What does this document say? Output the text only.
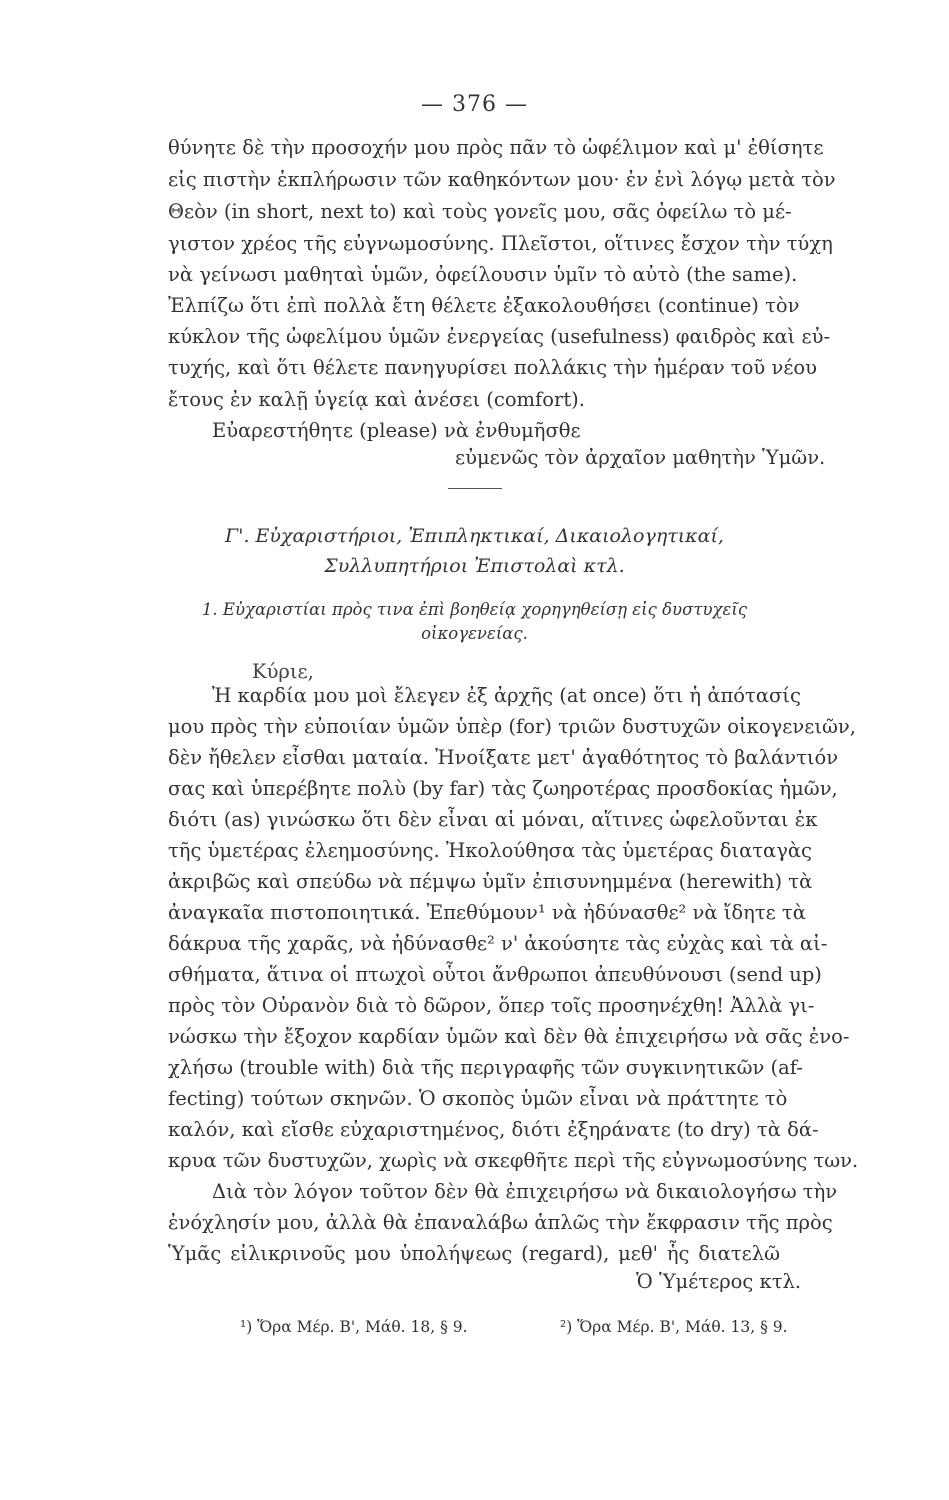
— 376 —

θύνητε δὲ τὴν προσοχήν μου πρὸς πᾶν τὸ ὠφέλιμον καὶ μ' ἐθίσητε

εἰς πιστὴν ἐκπλήρωσιν τῶν καθηκόντων μου· ἐν ἑνὶ λόγῳ μετὰ τὸν

Θεὸν (in short, next to) καὶ τοὺς γονεῖς μου, σᾶς ὀφείλω τὸ μέ-

γιστον χρέος τῆς εὐγνωμοσύνης. Πλεῖστοι, οἵτινες ἔσχον τὴν τύχη

νὰ γείνωσι μαθηταὶ ὑμῶν, ὀφείλουσιν ὑμῖν τὸ αὐτὸ (the same).

Ἐλπίζω ὅτι ἐπὶ πολλὰ ἔτη θέλετε ἐξακολουθήσει (continue) τὸν

κύκλον τῆς ὠφελίμου ὑμῶν ἐνεργείας (usefulness) φαιδρὸς καὶ εὐ-

τυχής, καὶ ὅτι θέλετε πανηγυρίσει πολλάκις τὴν ἡμέραν τοῦ νέου

ἔτους ἐν καλῇ ὑγείᾳ καὶ ἀνέσει (comfort).

Εὐαρεστήθητε (please) νὰ ἐνθυμῆσθε

εὐμενῶς τὸν ἀρχαῖον μαθητὴν Ὑμῶν.

Γ'. Εὐχαριστήριοι, Ἐπιπληκτικαί, Δικαιολογητικαί,

Συλλυπητήριοι Ἐπιστολαὶ κτλ.

1. Εὐχαριστίαι πρὸς τινα ἐπὶ βοηθείᾳ χορηγηθείσῃ εἰς δυστυχεῖς

οἰκογενείας.

Κύριε,

Ἡ καρδία μου μοὶ ἔλεγεν ἐξ ἀρχῆς (at once) ὅτι ἡ ἀπότασίς

μου πρὸς τὴν εὐποιίαν ὑμῶν ὑπὲρ (for) τριῶν δυστυχῶν οἰκογενειῶν,

δὲν ἤθελεν εἶσθαι ματαία. Ἠνοίξατε μετ' ἀγαθότητος τὸ βαλάντιόν

σας καὶ ὑπερέβητε πολὺ (by far) τὰς ζωηροτέρας προσδοκίας ἡμῶν,

διότι (as) γινώσκω ὅτι δὲν εἶναι αἱ μόναι, αἵτινες ὠφελοῦνται ἐκ

τῆς ὑμετέρας ἐλεημοσύνης. Ἠκολούθησα τὰς ὑμετέρας διαταγὰς

ἀκριβῶς καὶ σπεύδω νὰ πέμψω ὑμῖν ἐπισυνημμένα (herewith) τὰ

ἀναγκαῖα πιστοποιητικά. Ἐπεθύμουν¹ νὰ ἠδύνασθε² νὰ ἴδητε τὰ

δάκρυα τῆς χαρᾶς, νὰ ἠδύνασθε² ν' ἀκούσητε τὰς εὐχὰς καὶ τὰ αἰ-

σθήματα, ἅτινα οἱ πτωχοὶ οὗτοι ἄνθρωποι ἀπευθύνουσι (send up)

πρὸς τὸν Οὐρανὸν διὰ τὸ δῶρον, ὅπερ τοῖς προσηνέχθη! Ἀλλὰ γι-

νώσκω τὴν ἔξοχον καρδίαν ὑμῶν καὶ δὲν θὰ ἐπιχειρήσω νὰ σᾶς ἐνο-

χλήσω (trouble with) διὰ τῆς περιγραφῆς τῶν συγκινητικῶν (af-

fecting) τούτων σκηνῶν. Ὁ σκοπὸς ὑμῶν εἶναι νὰ πράττητε τὸ

καλόν, καὶ εἴσθε εὐχαριστημένος, διότι ἐξηράνατε (to dry) τὰ δά-

κρυα τῶν δυστυχῶν, χωρὶς νὰ σκεφθῆτε περὶ τῆς εὐγνωμοσύνης των.

Διὰ τὸν λόγον τοῦτον δὲν θὰ ἐπιχειρήσω νὰ δικαιολογήσω τὴν

ἐνόχλησίν μου, ἀλλὰ θὰ ἐπαναλάβω ἁπλῶς τὴν ἔκφρασιν τῆς πρὸς

Ὑμᾶς εἰλικρινοῦς μου ὑπολήψεως (regard), μεθ' ἧς διατελῶ

Ὁ Ὑμέτερος κτλ.

¹) Ὅρα Μέρ. Β', Μάθ. 18, § 9.	²) Ὅρα Μέρ. Β', Μάθ. 13, § 9.
